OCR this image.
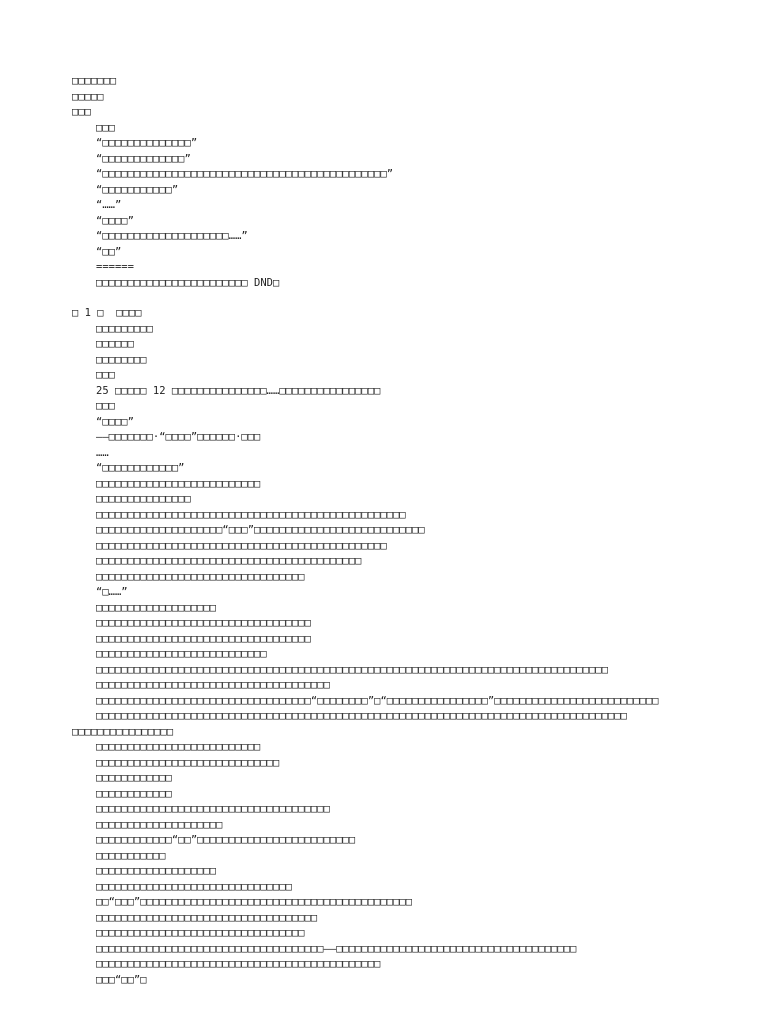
□□□□□□□
□□□□□
□□□
□□□
“□□□□□□□□□□□□□□”
“□□□□□□□□□□□□□”
“□□□□□□□□□□□□□□□□□□□□□□□□□□□□□□□□□□□□□□□□□□□□□”
“□□□□□□□□□□□”
“……”
“□□□□”
“□□□□□□□□□□□□□□□□□□□□……”
“□□”
======
□□□□□□□□□□□□□□□□□□□□□□□□ DND□
□ 1 □  □□□□
□□□□□□□□□
□□□□□□
□□□□□□□□
□□□
25 □□□□□ 12 □□□□□□□□□□□□□□□……□□□□□□□□□□□□□□□□
□□□
“□□□□”
——□□□□□□□·“□□□□”□□□□□□·□□□
……
“□□□□□□□□□□□□”
□□□□□□□□□□□□□□□□□□□□□□□□□□
□□□□□□□□□□□□□□□
□□□□□□□□□□□□□□□□□□□□□□□□□□□□□□□□□□□□□□□□□□□□□□□□□
□□□□□□□□□□□□□□□□□□□□“□□□”□□□□□□□□□□□□□□□□□□□□□□□□□□□
□□□□□□□□□□□□□□□□□□□□□□□□□□□□□□□□□□□□□□□□□□□□□□
□□□□□□□□□□□□□□□□□□□□□□□□□□□□□□□□□□□□□□□□□□
□□□□□□□□□□□□□□□□□□□□□□□□□□□□□□□□□
“□……”
□□□□□□□□□□□□□□□□□□□
□□□□□□□□□□□□□□□□□□□□□□□□□□□□□□□□□□
□□□□□□□□□□□□□□□□□□□□□□□□□□□□□□□□□□
□□□□□□□□□□□□□□□□□□□□□□□□□□□
□□□□□□□□□□□□□□□□□□□□□□□□□□□□□□□□□□□□□□□□□□□□□□□□□□□□□□□□□□□□□□□□□□□□□□□□□□□□□□□□□
□□□□□□□□□□□□□□□□□□□□□□□□□□□□□□□□□□□□□
□□□□□□□□□□□□□□□□□□□□□□□□□□□□□□□□□□“□□□□□□□□”□“□□□□□□□□□□□□□□□□”□□□□□□□□□□□□□□□□□□□□□□□□□□
□□□□□□□□□□□□□□□□□□□□□□□□□□□□□□□□□□□□□□□□□□□□□□□□□□□□□□□□□□□□□□□□□□□□□□□□□□□□□□□□□□□□
□□□□□□□□□□□□□□□□
□□□□□□□□□□□□□□□□□□□□□□□□□□
□□□□□□□□□□□□□□□□□□□□□□□□□□□□□
□□□□□□□□□□□□
□□□□□□□□□□□□
□□□□□□□□□□□□□□□□□□□□□□□□□□□□□□□□□□□□□
□□□□□□□□□□□□□□□□□□□□
□□□□□□□□□□□□“□□”□□□□□□□□□□□□□□□□□□□□□□□□□
□□□□□□□□□□□
□□□□□□□□□□□□□□□□□□□
□□□□□□□□□□□□□□□□□□□□□□□□□□□□□□□
□□“□□□”□□□□□□□□□□□□□□□□□□□□□□□□□□□□□□□□□□□□□□□□□□□
□□□□□□□□□□□□□□□□□□□□□□□□□□□□□□□□□□□
□□□□□□□□□□□□□□□□□□□□□□□□□□□□□□□□□
□□□□□□□□□□□□□□□□□□□□□□□□□□□□□□□□□□□□——□□□□□□□□□□□□□□□□□□□□□□□□□□□□□□□□□□□□□□
□□□□□□□□□□□□□□□□□□□□□□□□□□□□□□□□□□□□□□□□□□□□□
□□□“□□”□
